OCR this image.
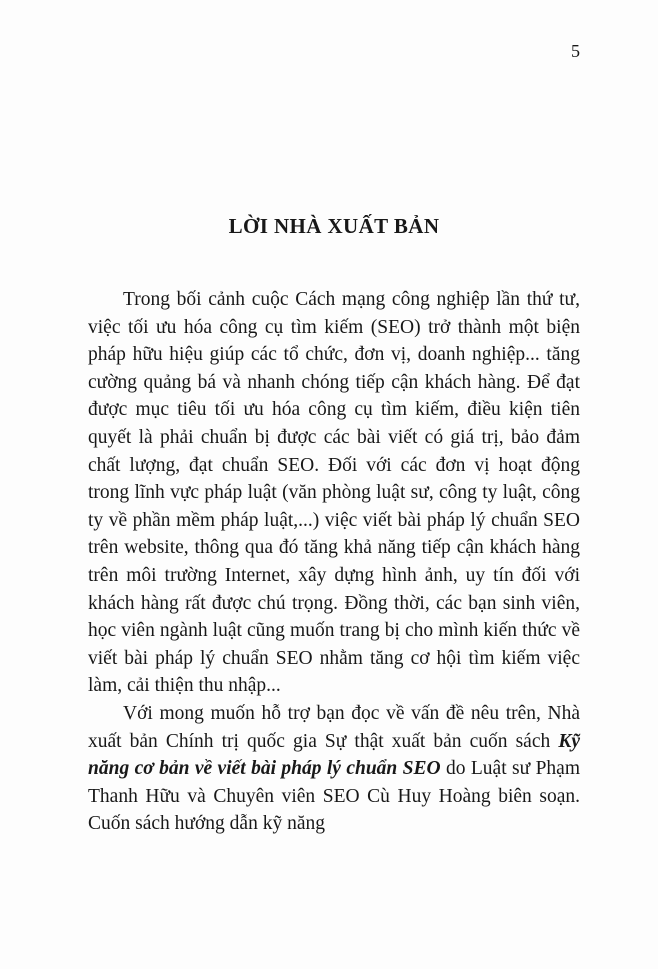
5
LỜI NHÀ XUẤT BẢN

Trong bối cảnh cuộc Cách mạng công nghiệp lần thứ tư, việc tối ưu hóa công cụ tìm kiếm (SEO) trở thành một biện pháp hữu hiệu giúp các tổ chức, đơn vị, doanh nghiệp... tăng cường quảng bá và nhanh chóng tiếp cận khách hàng. Để đạt được mục tiêu tối ưu hóa công cụ tìm kiếm, điều kiện tiên quyết là phải chuẩn bị được các bài viết có giá trị, bảo đảm chất lượng, đạt chuẩn SEO. Đối với các đơn vị hoạt động trong lĩnh vực pháp luật (văn phòng luật sư, công ty luật, công ty về phần mềm pháp luật,...) việc viết bài pháp lý chuẩn SEO trên website, thông qua đó tăng khả năng tiếp cận khách hàng trên môi trường Internet, xây dựng hình ảnh, uy tín đối với khách hàng rất được chú trọng. Đồng thời, các bạn sinh viên, học viên ngành luật cũng muốn trang bị cho mình kiến thức về viết bài pháp lý chuẩn SEO nhằm tăng cơ hội tìm kiếm việc làm, cải thiện thu nhập...

Với mong muốn hỗ trợ bạn đọc về vấn đề nêu trên, Nhà xuất bản Chính trị quốc gia Sự thật xuất bản cuốn sách Kỹ năng cơ bản về viết bài pháp lý chuẩn SEO do Luật sư Phạm Thanh Hữu và Chuyên viên SEO Cù Huy Hoàng biên soạn. Cuốn sách hướng dẫn kỹ năng
